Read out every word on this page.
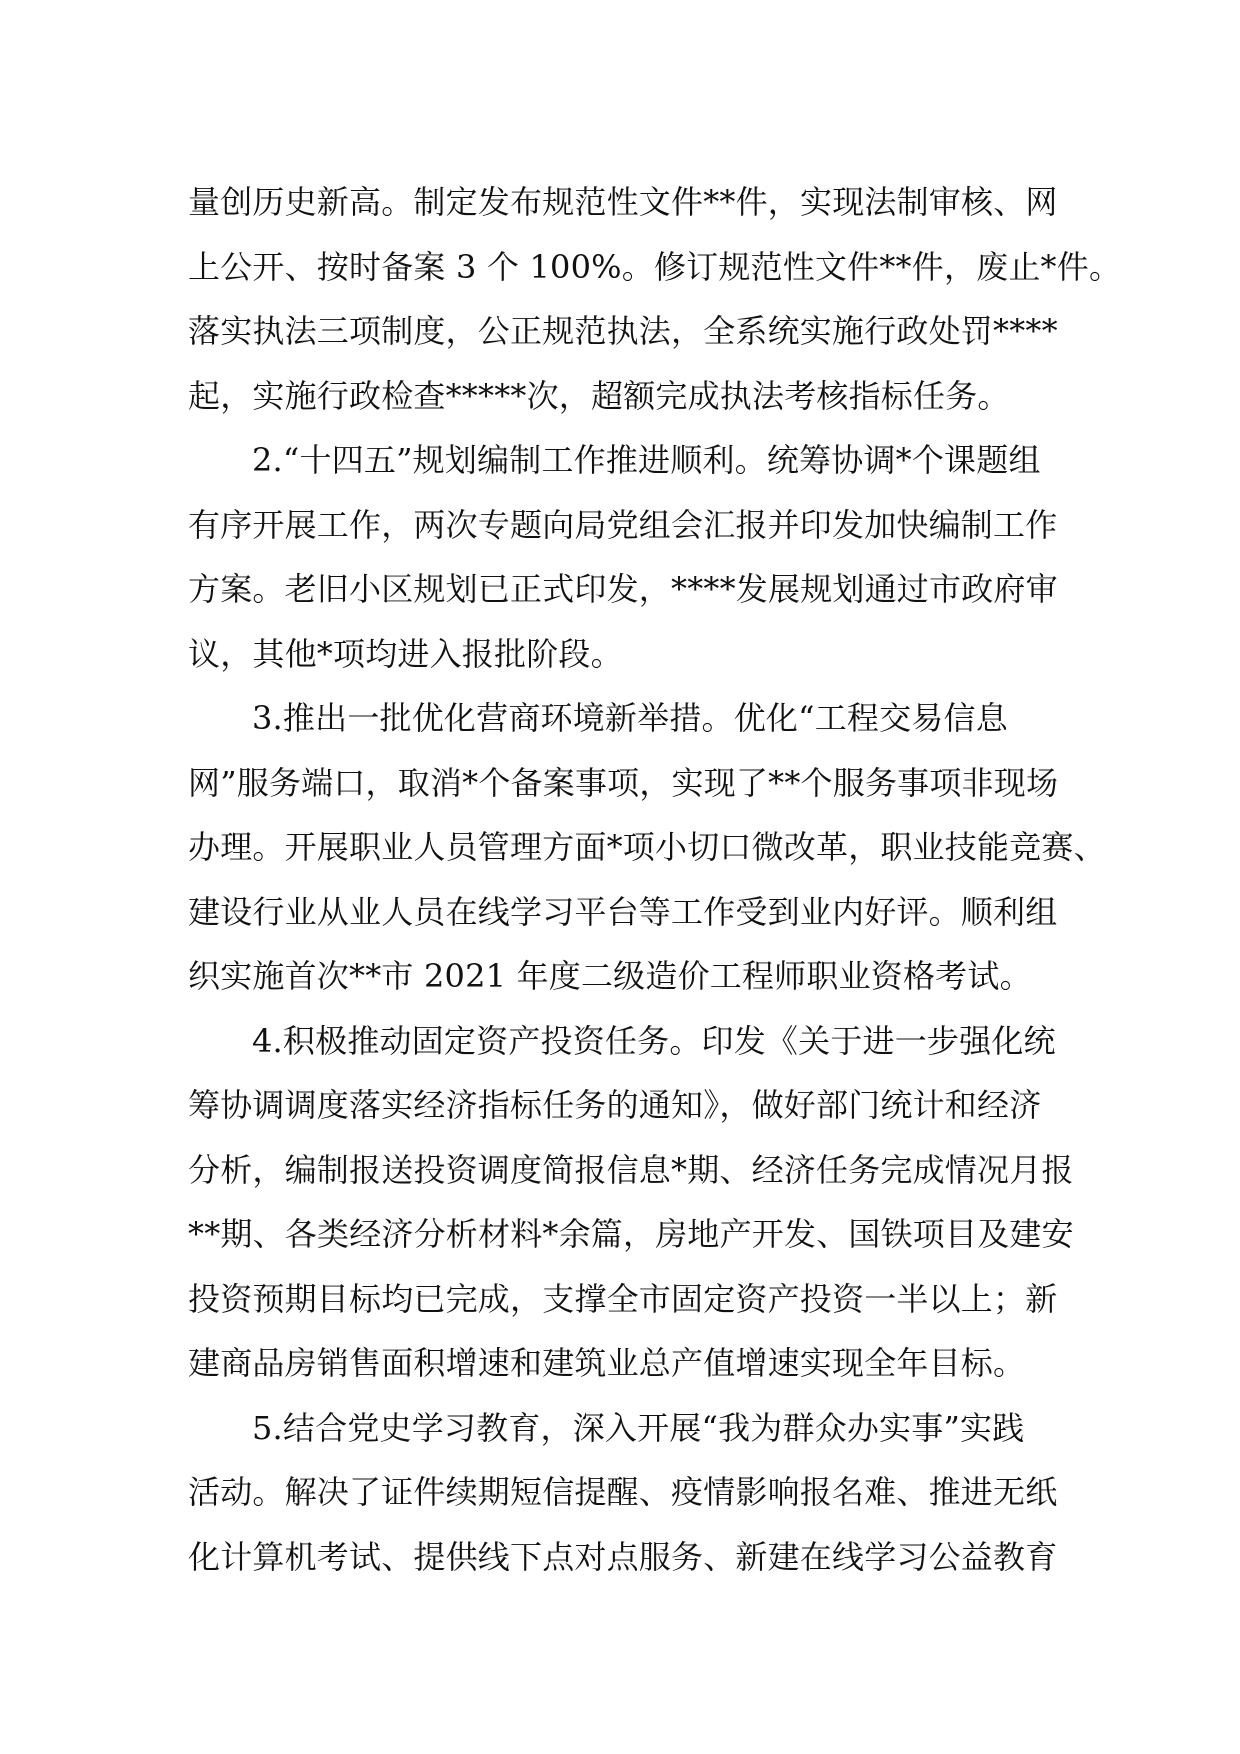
量创历史新高。制定发布规范性文件**件，实现法制审核、网
上公开、按时备案 3 个 100%。修订规范性文件**件，废止*件。
落实执法三项制度，公正规范执法，全系统实施行政处罚****
起，实施行政检查*****次，超额完成执法考核指标任务。
2.“十四五”规划编制工作推进顺利。统筹协调*个课题组
有序开展工作，两次专题向局党组会汇报并印发加快编制工作
方案。老旧小区规划已正式印发，****发展规划通过市政府审
议，其他*项均进入报批阶段。
3.推出一批优化营商环境新举措。优化“工程交易信息
网”服务端口，取消*个备案事项，实现了**个服务事项非现场
办理。开展职业人员管理方面*项小切口微改革，职业技能竞赛、
建设行业从业人员在线学习平台等工作受到业内好评。顺利组
织实施首次**市 2021 年度二级造价工程师职业资格考试。
4.积极推动固定资产投资任务。印发《关于进一步强化统
筹协调调度落实经济指标任务的通知》，做好部门统计和经济
分析，编制报送投资调度简报信息*期、经济任务完成情况月报
**期、各类经济分析材料*余篇，房地产开发、国铁项目及建安
投资预期目标均已完成，支撑全市固定资产投资一半以上；新
建商品房销售面积增速和建筑业总产值增速实现全年目标。
5.结合党史学习教育，深入开展“我为群众办实事”实践
活动。解决了证件续期短信提醒、疫情影响报名难、推进无纸
化计算机考试、提供线下点对点服务、新建在线学习公益教育
